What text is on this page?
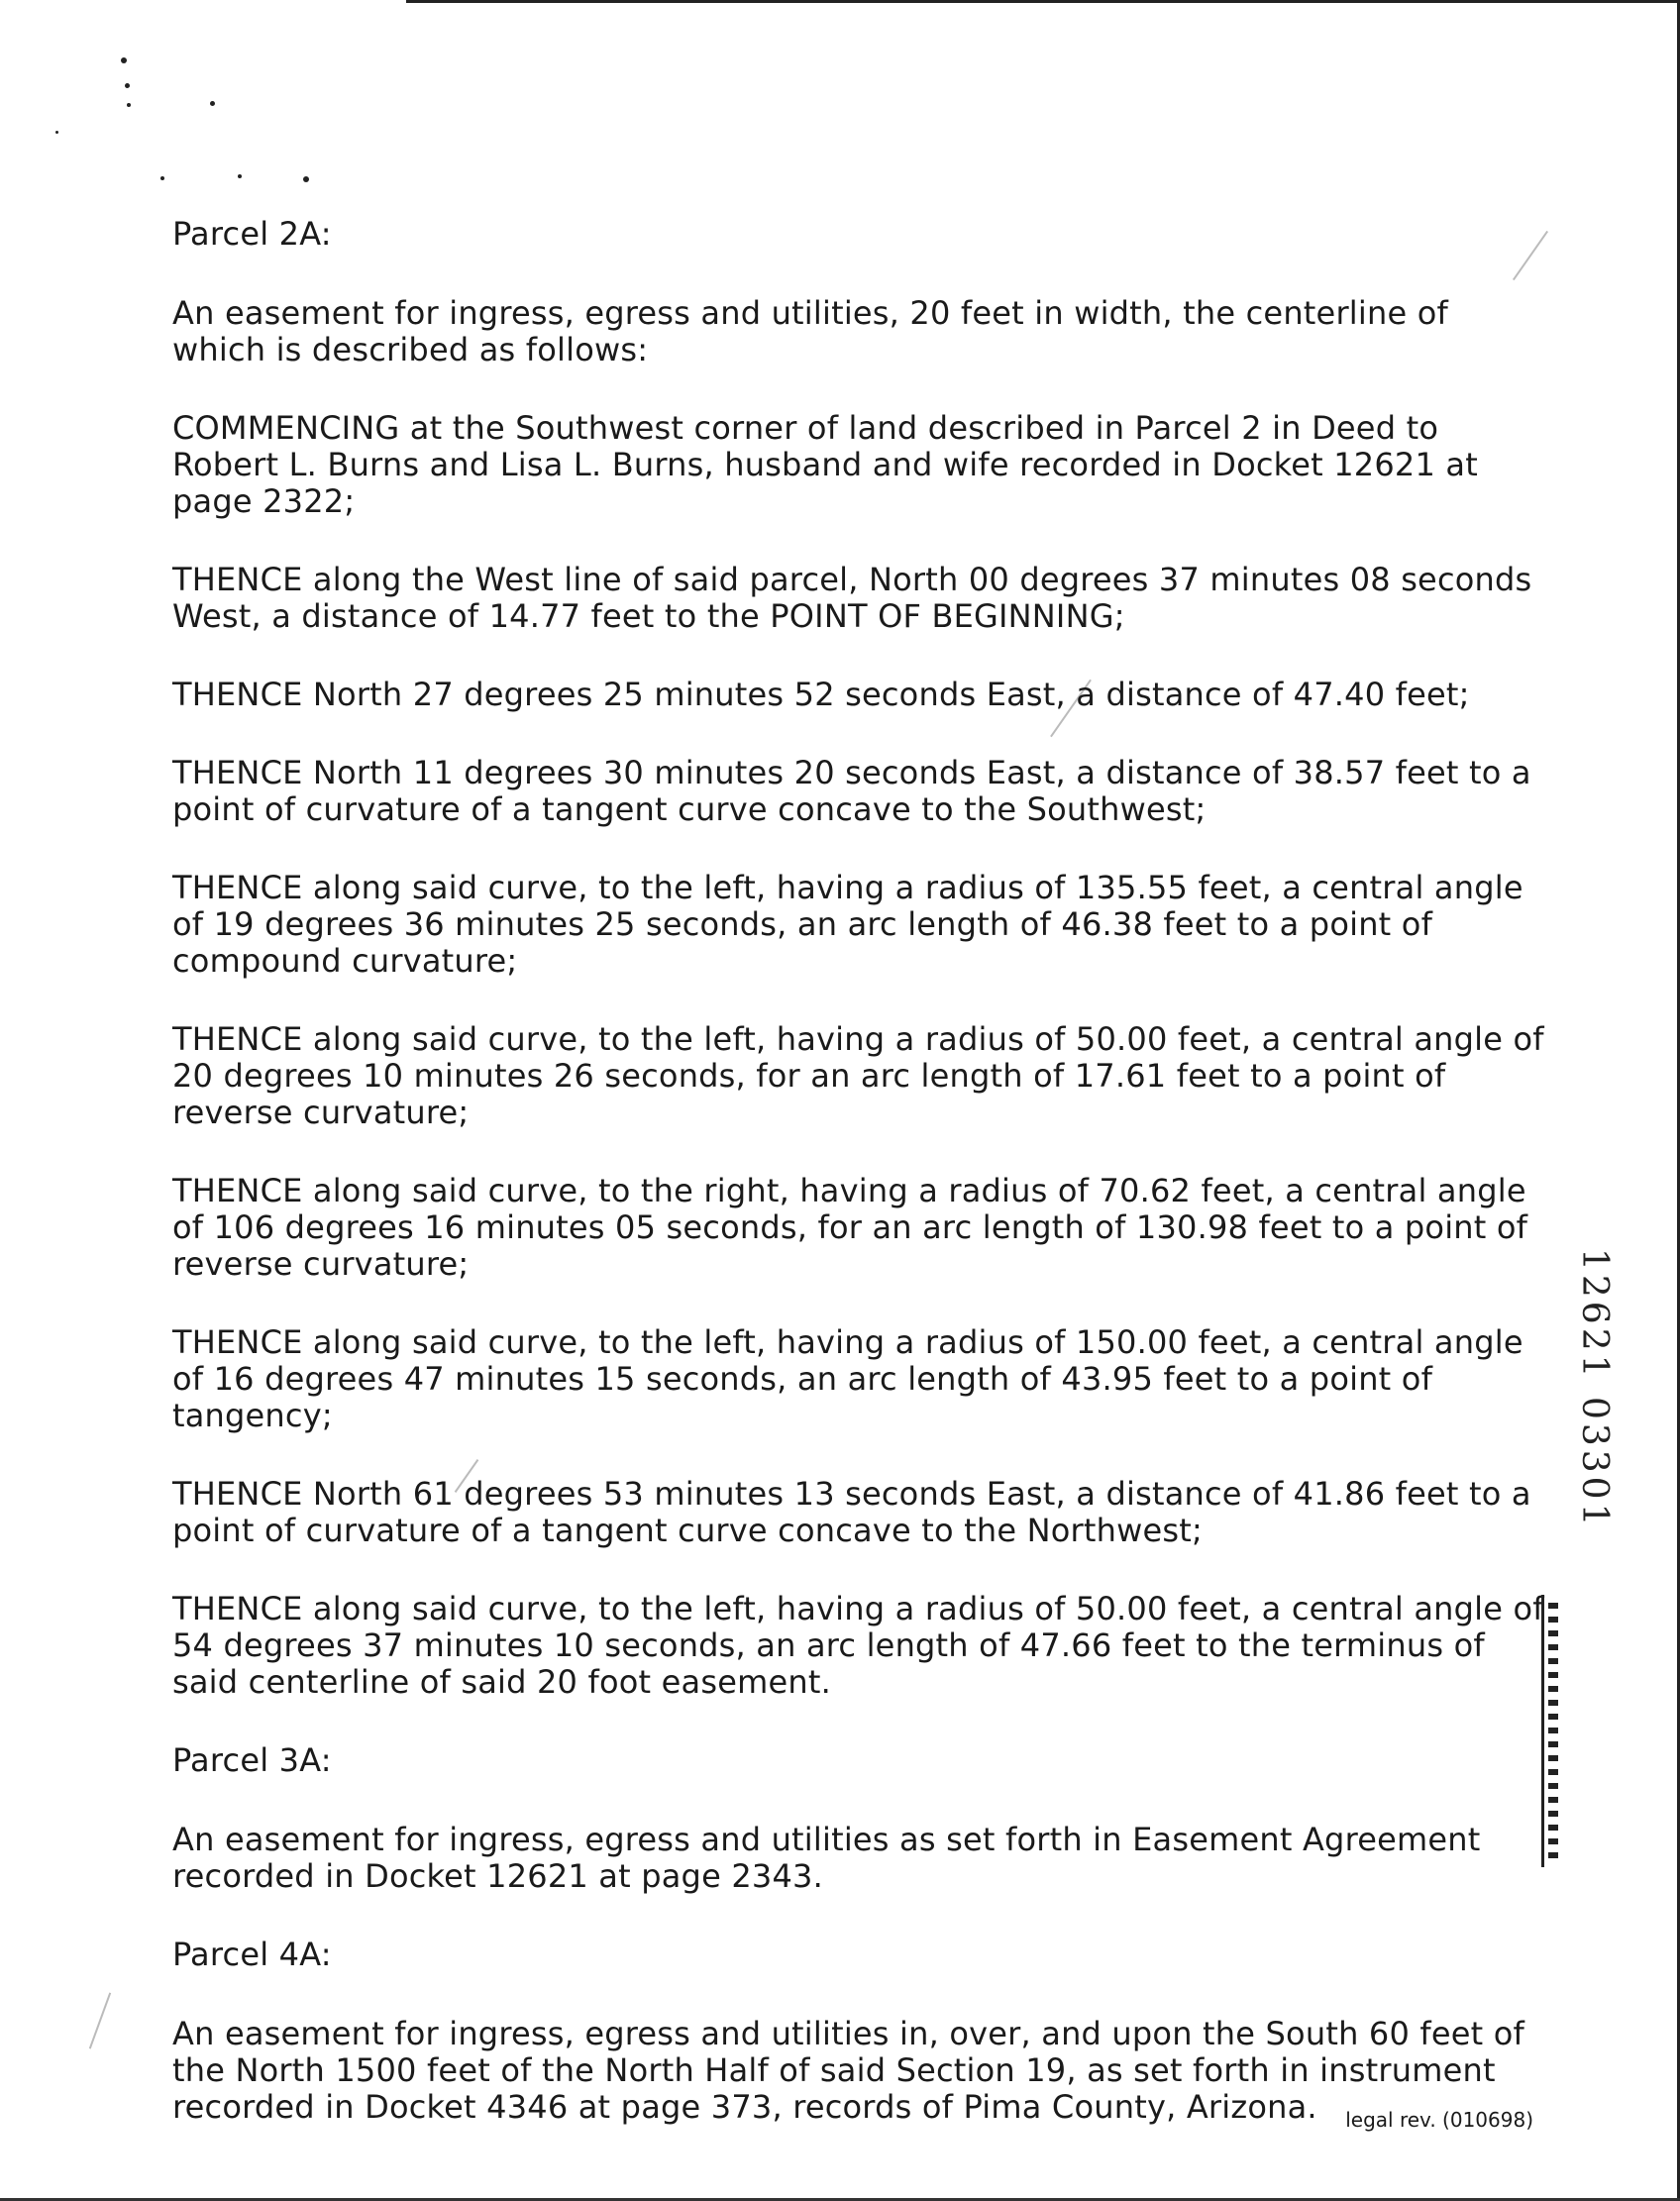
Parcel 2A:

An easement for ingress, egress and utilities, 20 feet in width, the centerline of which is described as follows:

COMMENCING at the Southwest corner of land described in Parcel 2 in Deed to Robert L. Burns and Lisa L. Burns, husband and wife recorded in Docket 12621 at page 2322;

THENCE along the West line of said parcel, North 00 degrees 37 minutes 08 seconds West, a distance of 14.77 feet to the POINT OF BEGINNING;

THENCE North 27 degrees 25 minutes 52 seconds East, a distance of 47.40 feet;

THENCE North 11 degrees 30 minutes 20 seconds East, a distance of 38.57 feet to a point of curvature of a tangent curve concave to the Southwest;

THENCE along said curve, to the left, having a radius of 135.55 feet, a central angle of 19 degrees 36 minutes 25 seconds, an arc length of 46.38 feet to a point of compound curvature;

THENCE along said curve, to the left, having a radius of 50.00 feet, a central angle of 20 degrees 10 minutes 26 seconds, for an arc length of 17.61 feet to a point of reverse curvature;

THENCE along said curve, to the right, having a radius of 70.62 feet, a central angle of 106 degrees 16 minutes 05 seconds, for an arc length of 130.98 feet to a point of reverse curvature;

THENCE along said curve, to the left, having a radius of 150.00 feet, a central angle of 16 degrees 47 minutes 15 seconds, an arc length of 43.95 feet to a point of tangency;

THENCE North 61 degrees 53 minutes 13 seconds East, a distance of 41.86 feet to a point of curvature of a tangent curve concave to the Northwest;

THENCE along said curve, to the left, having a radius of 50.00 feet, a central angle of 54 degrees 37 minutes 10 seconds, an arc length of 47.66 feet to the terminus of said centerline of said 20 foot easement.

Parcel 3A:

An easement for ingress, egress and utilities as set forth in Easement Agreement recorded in Docket 12621 at page 2343.

Parcel 4A:

An easement for ingress, egress and utilities in, over, and upon the South 60 feet of the North 1500 feet of the North Half of said Section 19, as set forth in instrument recorded in Docket 4346 at page 373, records of Pima County, Arizona.

12621 03301
legal rev. (010698)
